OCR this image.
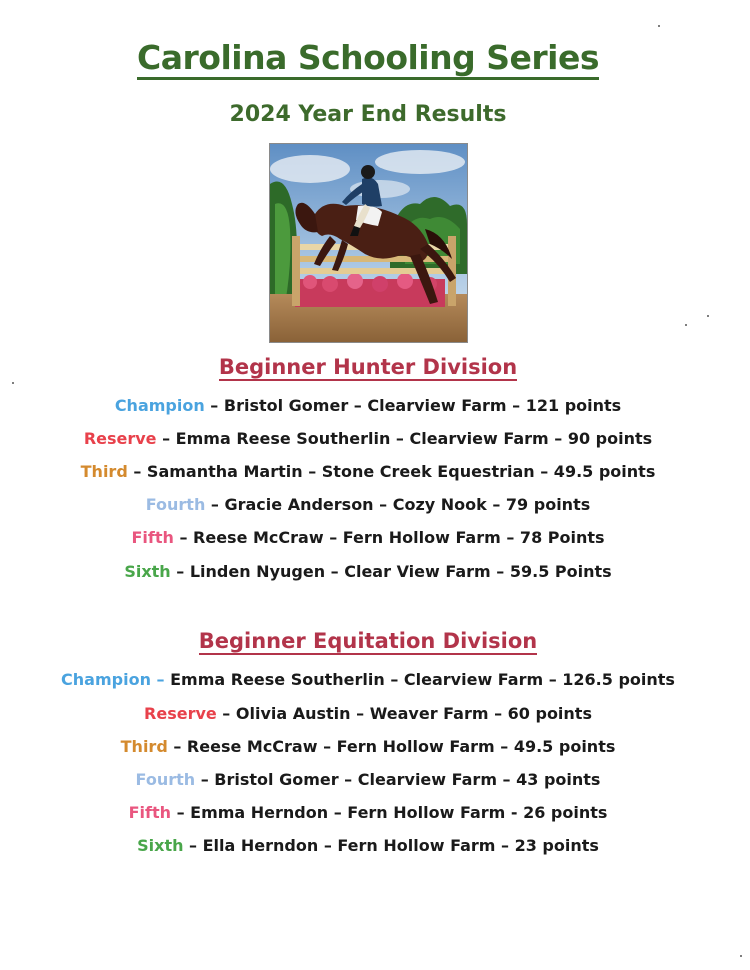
Carolina Schooling Series
2024 Year End Results
Beginner Hunter Division
Champion – Bristol Gomer – Clearview Farm – 121 points
Reserve – Emma Reese Southerlin – Clearview Farm – 90 points
Third – Samantha Martin – Stone Creek Equestrian – 49.5 points
Fourth – Gracie Anderson – Cozy Nook – 79 points
Fifth – Reese McCraw – Fern Hollow Farm – 78 Points
Sixth – Linden Nyugen – Clear View Farm – 59.5 Points
Beginner Equitation Division
Champion – Emma Reese Southerlin – Clearview Farm – 126.5 points
Reserve – Olivia Austin – Weaver Farm – 60 points
Third – Reese McCraw – Fern Hollow Farm – 49.5 points
Fourth – Bristol Gomer – Clearview Farm – 43 points
Fifth – Emma Herndon – Fern Hollow Farm - 26 points
Sixth – Ella Herndon – Fern Hollow Farm – 23 points
